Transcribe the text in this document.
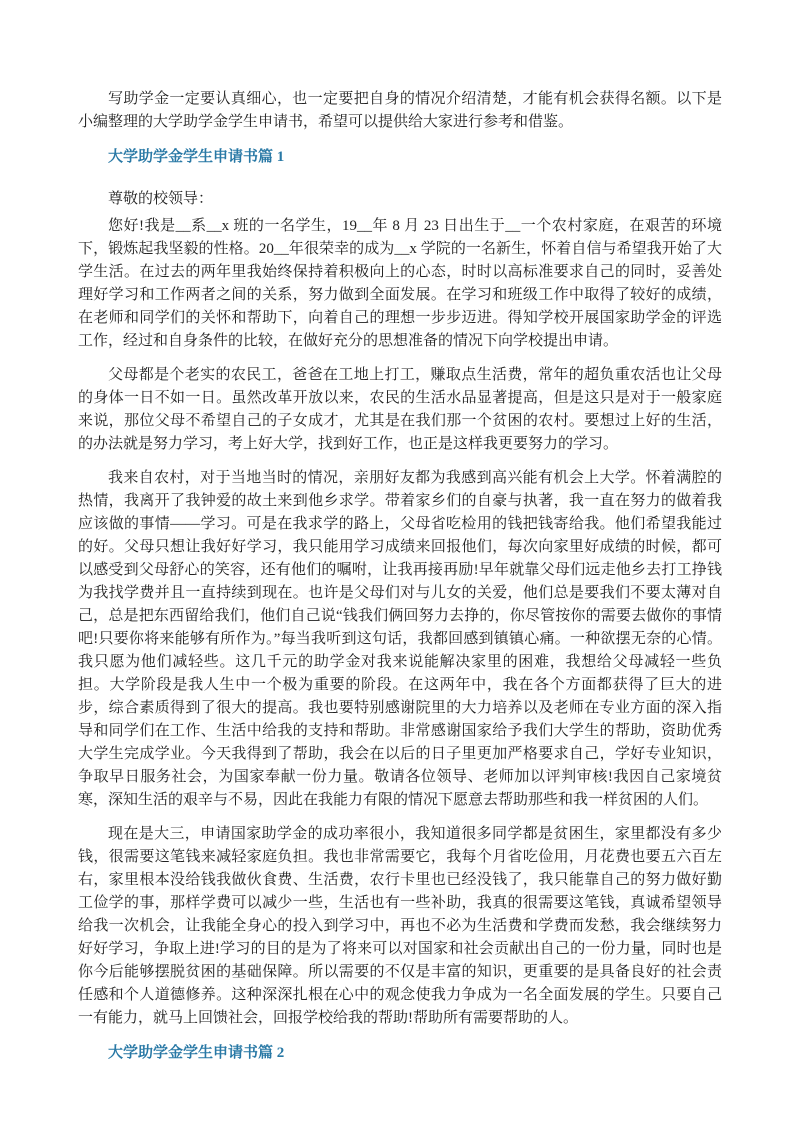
写助学金一定要认真细心，也一定要把自身的情况介绍清楚，才能有机会获得名额。以下是小编整理的大学助学金学生申请书，希望可以提供给大家进行参考和借鉴。

大学助学金学生申请书篇 1

尊敬的校领导：

您好!我是__系__x 班的一名学生，19__年 8 月 23 日出生于__一个农村家庭，在艰苦的环境下，锻炼起我坚毅的性格。20__年很荣幸的成为__x 学院的一名新生，怀着自信与希望我开始了大学生活。在过去的两年里我始终保持着积极向上的心态，时时以高标准要求自己的同时，妥善处理好学习和工作两者之间的关系，努力做到全面发展。在学习和班级工作中取得了较好的成绩，在老师和同学们的关怀和帮助下，向着自己的理想一步步迈进。得知学校开展国家助学金的评选工作，经过和自身条件的比较，在做好充分的思想准备的情况下向学校提出申请。

父母都是个老实的农民工，爸爸在工地上打工，赚取点生活费，常年的超负重农活也让父母的身体一日不如一日。虽然改革开放以来，农民的生活水品显著提高，但是这只是对于一般家庭来说，那位父母不希望自己的子女成才，尤其是在我们那一个贫困的农村。要想过上好的生活，的办法就是努力学习，考上好大学，找到好工作，也正是这样我更要努力的学习。

我来自农村，对于当地当时的情况，亲朋好友都为我感到高兴能有机会上大学。怀着满腔的热情，我离开了我钟爱的故土来到他乡求学。带着家乡们的自豪与执著，我一直在努力的做着我应该做的事情——学习。可是在我求学的路上，父母省吃检用的钱把钱寄给我。他们希望我能过的好。父母只想让我好好学习，我只能用学习成绩来回报他们，每次向家里好成绩的时候，都可以感受到父母舒心的笑容，还有他们的嘱咐，让我再接再励!早年就靠父母们远走他乡去打工挣钱为我找学费并且一直持续到现在。也许是父母们对与儿女的关爱，他们总是要我们不要太薄对自己，总是把东西留给我们，他们自己说“钱我们俩回努力去挣的，你尽管按你的需要去做你的事情吧!只要你将来能够有所作为。”每当我听到这句话，我都回感到镇镇心痛。一种欲摆无奈的心情。我只愿为他们减轻些。这几千元的助学金对我来说能解决家里的困难，我想给父母减轻一些负担。大学阶段是我人生中一个极为重要的阶段。在这两年中，我在各个方面都获得了巨大的进步，综合素质得到了很大的提高。我也要特别感谢院里的大力培养以及老师在专业方面的深入指导和同学们在工作、生活中给我的支持和帮助。非常感谢国家给予我们大学生的帮助，资助优秀大学生完成学业。今天我得到了帮助，我会在以后的日子里更加严格要求自己，学好专业知识，争取早日服务社会，为国家奉献一份力量。敬请各位领导、老师加以评判审核!我因自己家境贫寒，深知生活的艰辛与不易，因此在我能力有限的情况下愿意去帮助那些和我一样贫困的人们。

现在是大三，申请国家助学金的成功率很小，我知道很多同学都是贫困生，家里都没有多少钱，很需要这笔钱来减轻家庭负担。我也非常需要它，我每个月省吃俭用，月花费也要五六百左右，家里根本没给钱我做伙食费、生活费，农行卡里也已经没钱了，我只能靠自己的努力做好勤工俭学的事，那样学费可以减少一些，生活也有一些补助，我真的很需要这笔钱，真诚希望领导给我一次机会，让我能全身心的投入到学习中，再也不必为生活费和学费而发愁，我会继续努力好好学习，争取上进!学习的目的是为了将来可以对国家和社会贡献出自己的一份力量，同时也是你今后能够摆脱贫困的基础保障。所以需要的不仅是丰富的知识，更重要的是具备良好的社会责任感和个人道德修养。这种深深扎根在心中的观念使我力争成为一名全面发展的学生。只要自己一有能力，就马上回馈社会，回报学校给我的帮助!帮助所有需要帮助的人。

大学助学金学生申请书篇 2
